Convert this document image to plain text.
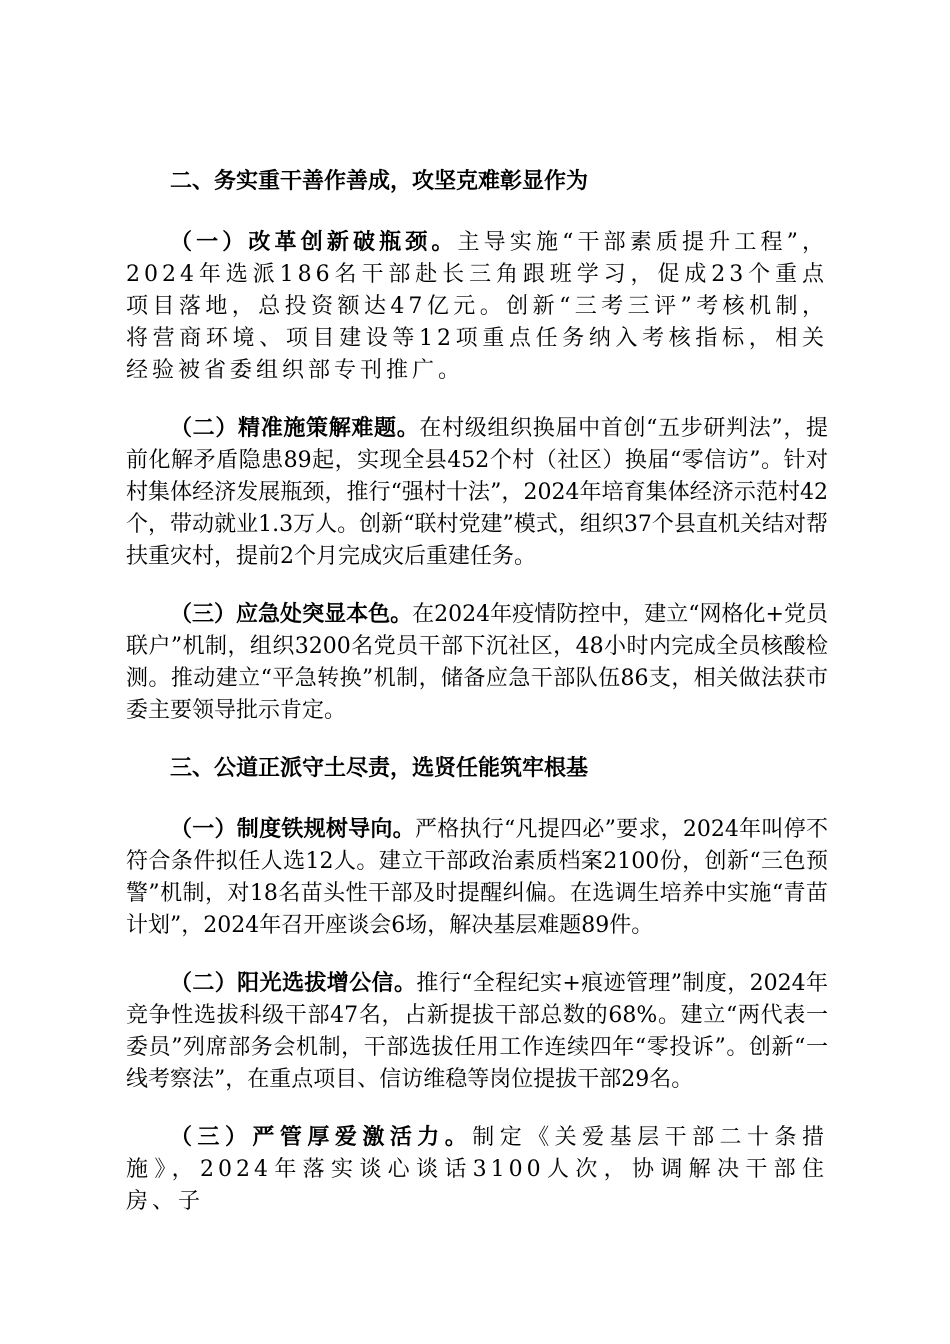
二、务实重干善作善成，攻坚克难彰显作为

（一）改革创新破瓶颈。主导实施“干部素质提升工程”，2024年选派186名干部赴长三角跟班学习，促成23个重点项目落地，总投资额达47亿元。创新“三考三评”考核机制，将营商环境、项目建设等12项重点任务纳入考核指标，相关经验被省委组织部专刊推广。

（二）精准施策解难题。在村级组织换届中首创“五步研判法”，提前化解矛盾隐患89起，实现全县452个村（社区）换届“零信访”。针对村集体经济发展瓶颈，推行“强村十法”，2024年培育集体经济示范村42个，带动就业1.3万人。创新“联村党建”模式，组织37个县直机关结对帮扶重灾村，提前2个月完成灾后重建任务。

（三）应急处突显本色。在2024年疫情防控中，建立“网格化+党员联户”机制，组织3200名党员干部下沉社区，48小时内完成全员核酸检测。推动建立“平急转换”机制，储备应急干部队伍86支，相关做法获市委主要领导批示肯定。

三、公道正派守土尽责，选贤任能筑牢根基

（一）制度铁规树导向。严格执行“凡提四必”要求，2024年叫停不符合条件拟任人选12人。建立干部政治素质档案2100份，创新“三色预警”机制，对18名苗头性干部及时提醒纠偏。在选调生培养中实施“青苗计划”，2024年召开座谈会6场，解决基层难题89件。

（二）阳光选拔增公信。推行“全程纪实+痕迹管理”制度，2024年竞争性选拔科级干部47名，占新提拔干部总数的68%。建立“两代表一委员”列席部务会机制，干部选拔任用工作连续四年“零投诉”。创新“一线考察法”，在重点项目、信访维稳等岗位提拔干部29名。

（三）严管厚爱激活力。制定《关爱基层干部二十条措施》，2024年落实谈心谈话3100人次，协调解决干部住房、子
